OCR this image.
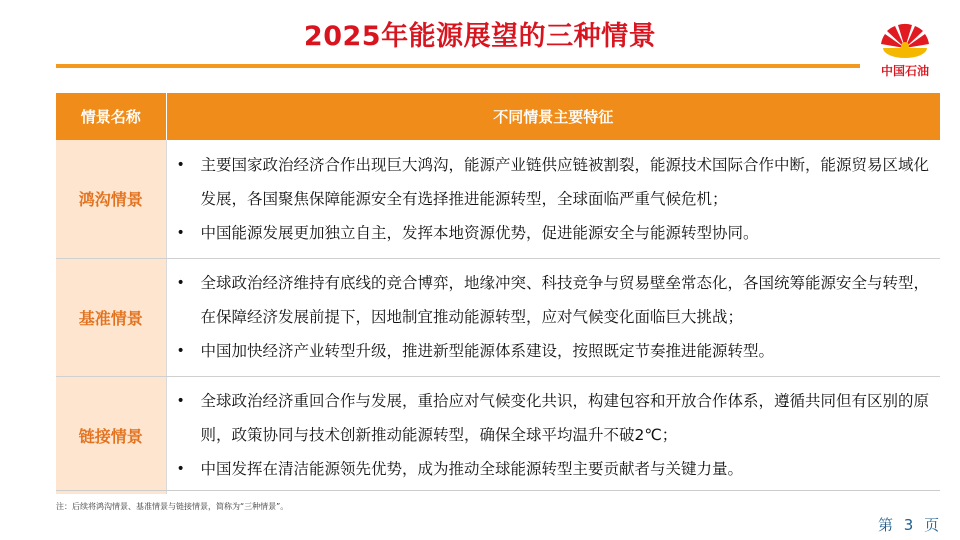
2025年能源展望的三种情景
中国石油
情景名称	不同情景主要特征
鸿沟情景	• 主要国家政治经济合作出现巨大鸿沟，能源产业链供应链被割裂，能源技术国际合作中断，能源贸易区域化发展，各国聚焦保障能源安全有选择推进能源转型，全球面临严重气候危机；
• 中国能源发展更加独立自主，发挥本地资源优势，促进能源安全与能源转型协同。

基准情景	• 全球政治经济维持有底线的竞合博弈，地缘冲突、科技竞争与贸易壁垒常态化，各国统筹能源安全与转型，在保障经济发展前提下，因地制宜推动能源转型，应对气候变化面临巨大挑战；
• 中国加快经济产业转型升级，推进新型能源体系建设，按照既定节奏推进能源转型。

链接情景	• 全球政治经济重回合作与发展，重拾应对气候变化共识，构建包容和开放合作体系，遵循共同但有区别的原则，政策协同与技术创新推动能源转型，确保全球平均温升不破2℃；
• 中国发挥在清洁能源领先优势，成为推动全球能源转型主要贡献者与关键力量。
注：后续将鸿沟情景、基准情景与链接情景，简称为“三种情景”。
第 3 页
